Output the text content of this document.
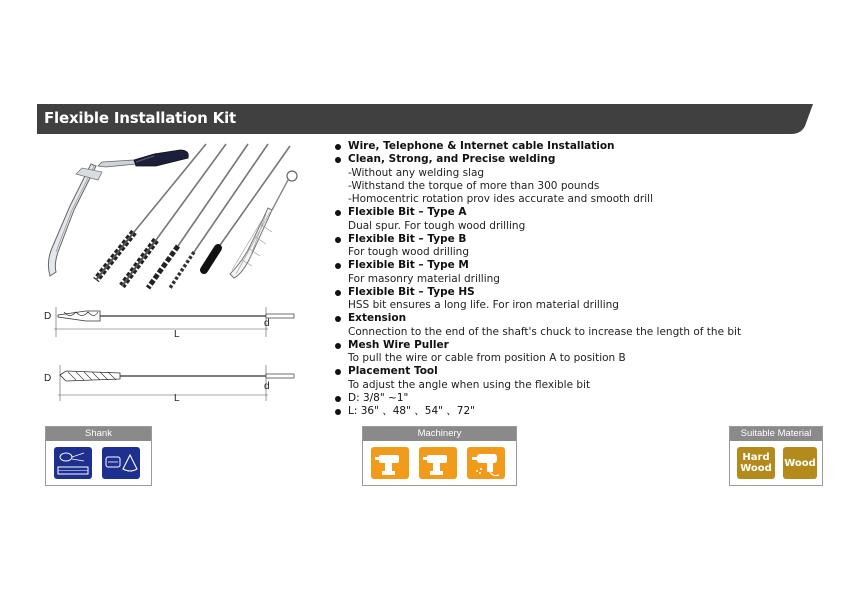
Flexible Installation Kit
D
d
L
D
d
L
Wire, Telephone & Internet cable Installation
Clean, Strong, and Precise welding
-Without any welding slag
-Withstand the torque of more than 300 pounds
-Homocentric rotation prov ides accurate and smooth drill
Flexible Bit – Type A
Dual spur. For tough wood drilling
Flexible Bit – Type B
For tough wood drilling
Flexible Bit – Type M
For masonry material drilling
Flexible Bit – Type HS
HSS bit ensures a long life. For iron material drilling
Extension
Connection to the end of the shaft's chuck to increase the length of the bit
Mesh Wire Puller
To pull the wire or cable from position A to position B
Placement Tool
To adjust the angle when using the flexible bit
D: 3/8" ~1"
L: 36" 、48" 、54" 、72"
Shank	Machinery	Suitable Material
Hard
Wood	Wood
